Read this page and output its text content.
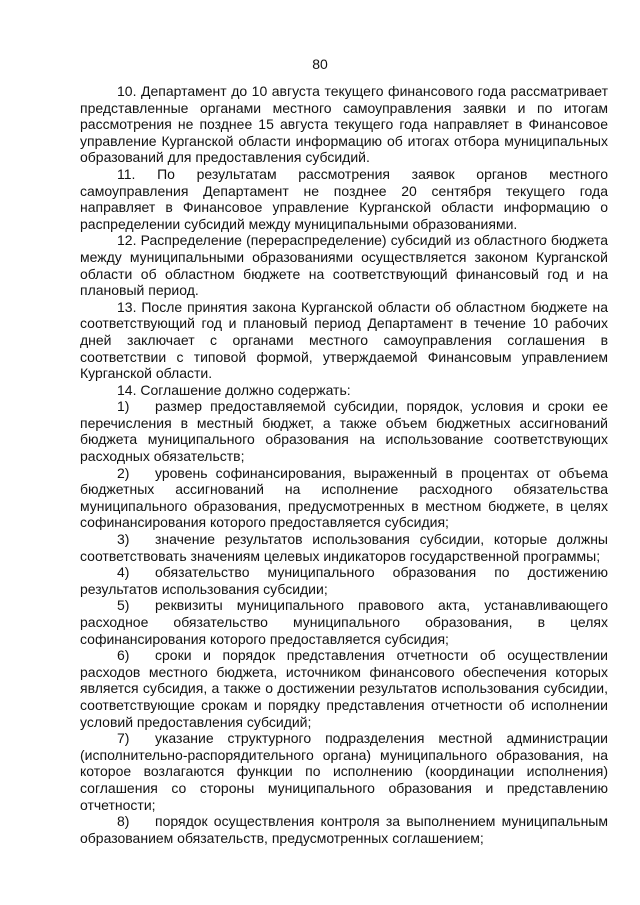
80

10. Департамент до 10 августа текущего финансового года рассматривает представленные органами местного самоуправления заявки и по итогам рассмотрения не позднее 15 августа текущего года направляет в Финансовое управление Курганской области информацию об итогах отбора муниципальных образований для предоставления субсидий.

11. По результатам рассмотрения заявок органов местного самоуправления Департамент не позднее 20 сентября текущего года направляет в Финансовое управление Курганской области информацию о распределении субсидий между муниципальными образованиями.

12. Распределение (перераспределение) субсидий из областного бюджета между муниципальными образованиями осуществляется законом Курганской области об областном бюджете на соответствующий финансовый год и на плановый период.

13. После принятия закона Курганской области об областном бюджете на соответствующий год и плановый период Департамент в течение 10 рабочих дней заключает с органами местного самоуправления соглашения в соответствии с типовой формой, утверждаемой Финансовым управлением Курганской области.

14. Соглашение должно содержать:

1) размер предоставляемой субсидии, порядок, условия и сроки ее перечисления в местный бюджет, а также объем бюджетных ассигнований бюджета муниципального образования на использование соответствующих расходных обязательств;

2) уровень софинансирования, выраженный в процентах от объема бюджетных ассигнований на исполнение расходного обязательства муниципального образования, предусмотренных в местном бюджете, в целях софинансирования которого предоставляется субсидия;

3) значение результатов использования субсидии, которые должны соответствовать значениям целевых индикаторов государственной программы;

4) обязательство муниципального образования по достижению результатов использования субсидии;

5) реквизиты муниципального правового акта, устанавливающего расходное обязательство муниципального образования, в целях софинансирования которого предоставляется субсидия;

6) сроки и порядок представления отчетности об осуществлении расходов местного бюджета, источником финансового обеспечения которых является субсидия, а также о достижении результатов использования субсидии, соответствующие срокам и порядку представления отчетности об исполнении условий предоставления субсидий;

7) указание структурного подразделения местной администрации (исполнительно-распорядительного органа) муниципального образования, на которое возлагаются функции по исполнению (координации исполнения) соглашения со стороны муниципального образования и представлению отчетности;

8) порядок осуществления контроля за выполнением муниципальным образованием обязательств, предусмотренных соглашением;
